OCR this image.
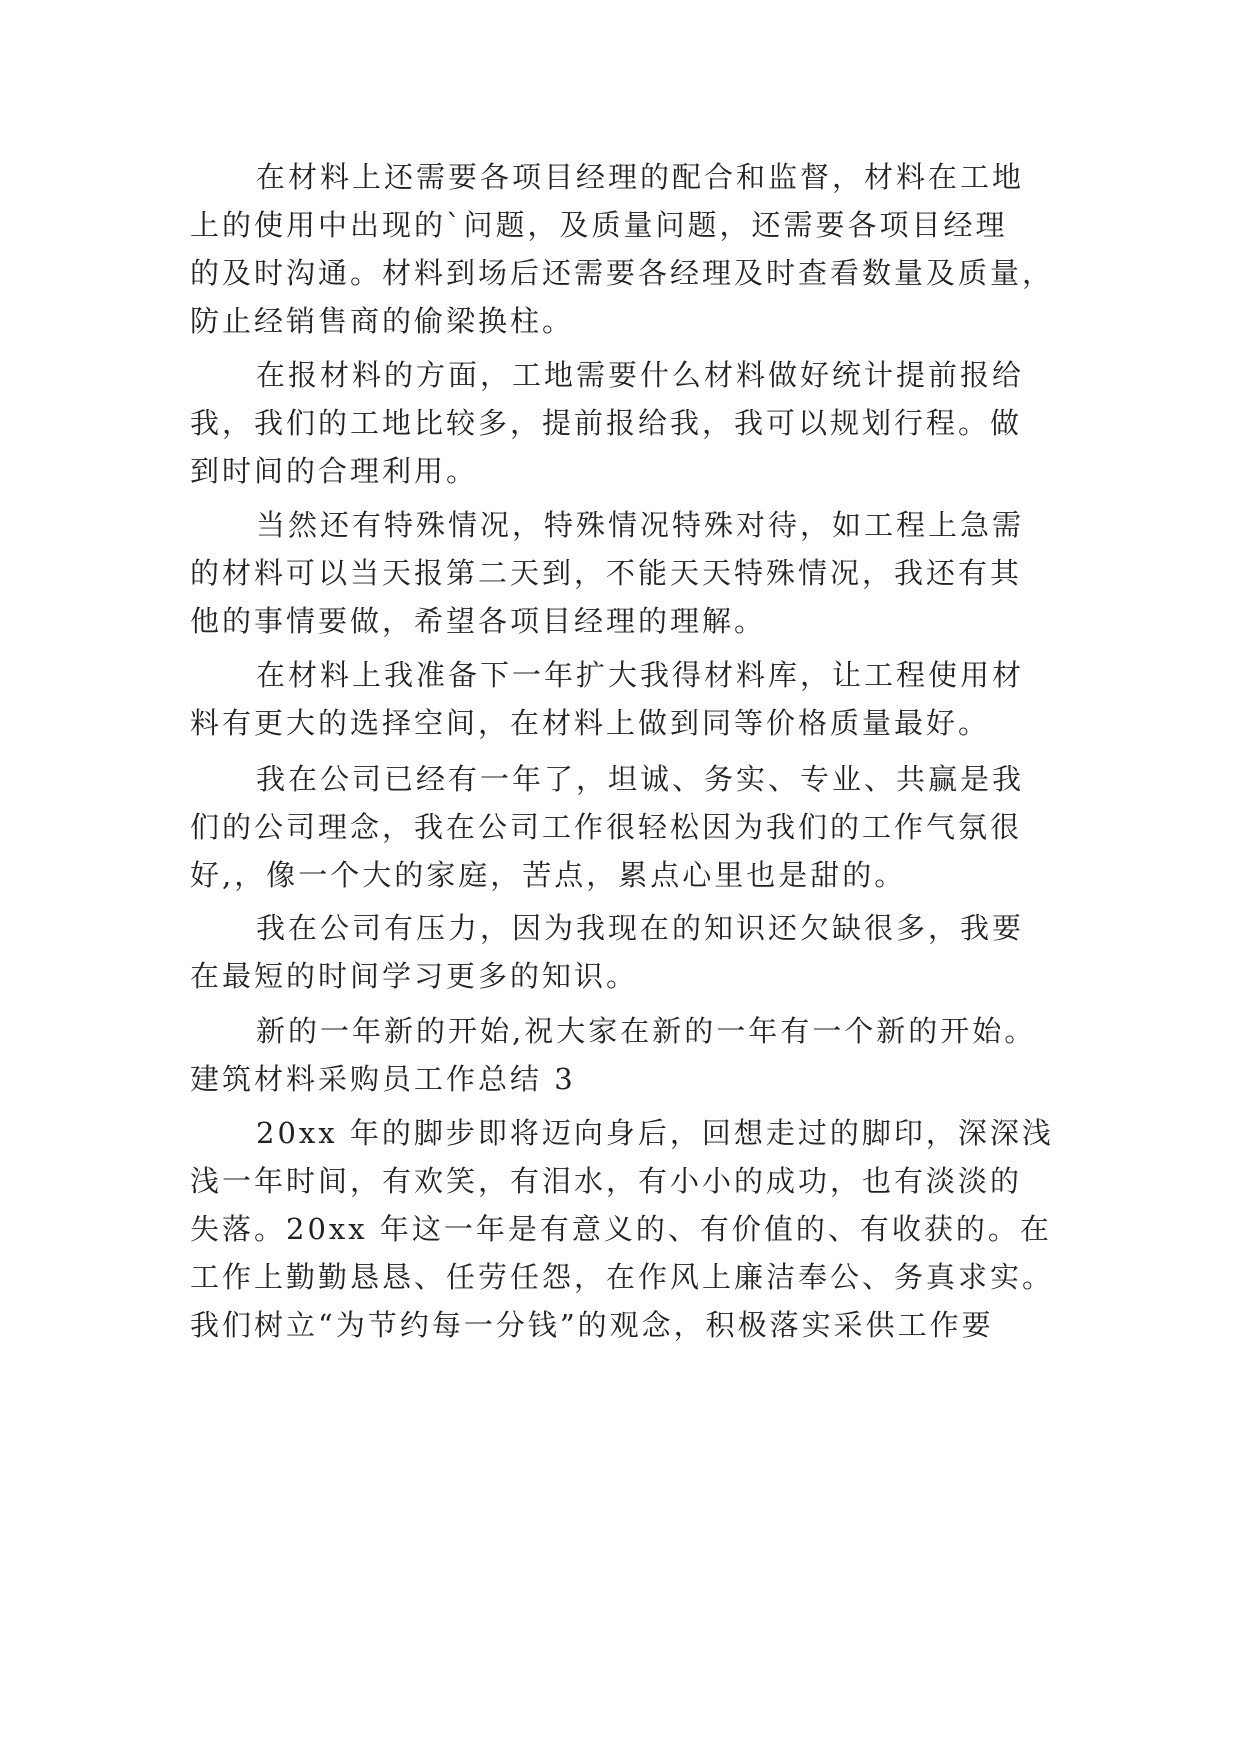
在材料上还需要各项目经理的配合和监督，材料在工地
上的使用中出现的`问题，及质量问题，还需要各项目经理
的及时沟通。材料到场后还需要各经理及时查看数量及质量，
防止经销售商的偷梁换柱。
在报材料的方面，工地需要什么材料做好统计提前报给
我，我们的工地比较多，提前报给我，我可以规划行程。做
到时间的合理利用。
当然还有特殊情况，特殊情况特殊对待，如工程上急需
的材料可以当天报第二天到，不能天天特殊情况，我还有其
他的事情要做，希望各项目经理的理解。
在材料上我准备下一年扩大我得材料库，让工程使用材
料有更大的选择空间，在材料上做到同等价格质量最好。
我在公司已经有一年了，坦诚、务实、专业、共赢是我
们的公司理念，我在公司工作很轻松因为我们的工作气氛很
好,，像一个大的家庭，苦点，累点心里也是甜的。
我在公司有压力，因为我现在的知识还欠缺很多，我要
在最短的时间学习更多的知识。
新的一年新的开始,祝大家在新的一年有一个新的开始。
建筑材料采购员工作总结 3
20xx 年的脚步即将迈向身后，回想走过的脚印，深深浅
浅一年时间，有欢笑，有泪水，有小小的成功，也有淡淡的
失落。20xx 年这一年是有意义的、有价值的、有收获的。在
工作上勤勤恳恳、任劳任怨，在作风上廉洁奉公、务真求实。
我们树立“为节约每一分钱”的观念，积极落实采供工作要
